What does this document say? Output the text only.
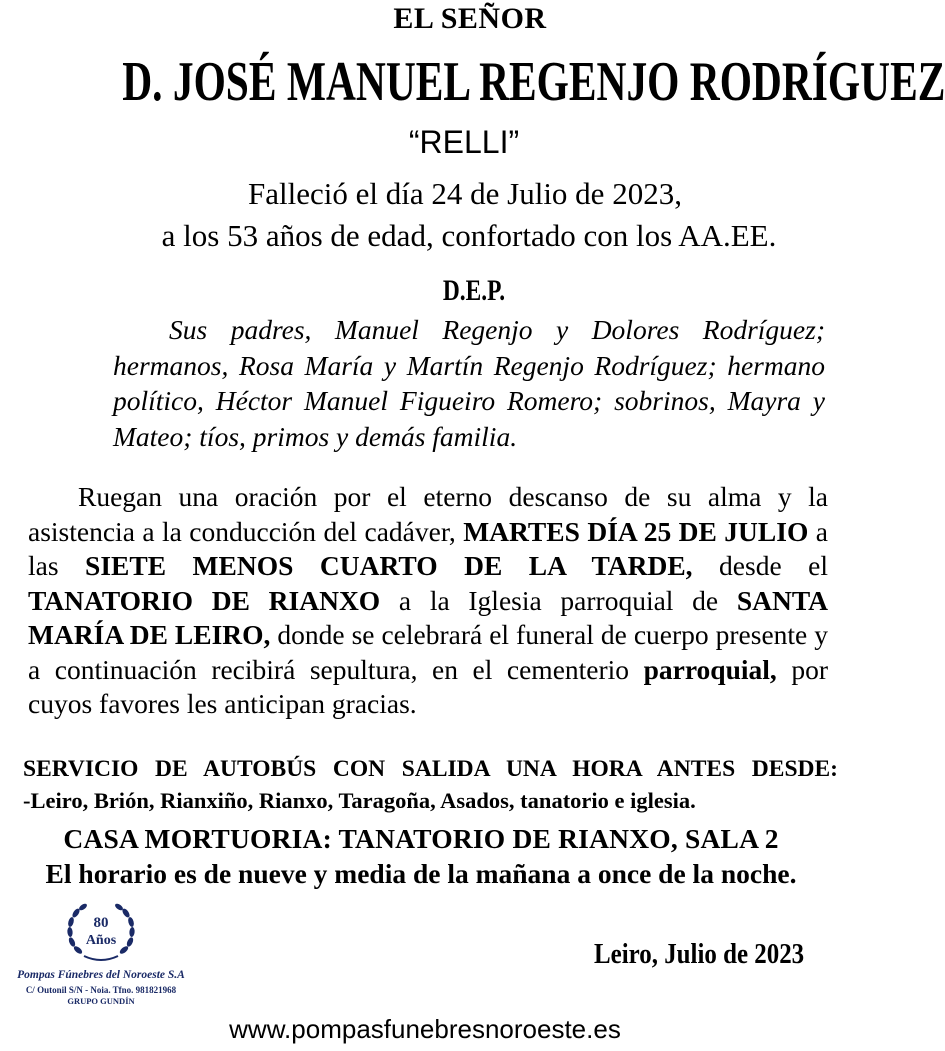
EL SEÑOR
D. JOSÉ MANUEL REGENJO RODRÍGUEZ
“RELLI”
Falleció el día 24 de Julio de 2023,
a los 53 años de edad, confortado con los AA.EE.
D.E.P.
Sus padres, Manuel Regenjo y Dolores Rodríguez; hermanos, Rosa María y Martín Regenjo Rodríguez; hermano político, Héctor Manuel Figueiro Romero; sobrinos, Mayra y Mateo; tíos, primos y demás familia.
Ruegan una oración por el eterno descanso de su alma y la asistencia a la conducción del cadáver, MARTES DÍA 25 DE JULIO a las SIETE MENOS CUARTO DE LA TARDE, desde el TANATORIO DE RIANXO a la Iglesia parroquial de SANTA MARÍA DE LEIRO, donde se celebrará el funeral de cuerpo presente y a continuación recibirá sepultura, en el cementerio parroquial, por cuyos favores les anticipan gracias.
SERVICIO DE AUTOBÚS CON SALIDA UNA HORA ANTES DESDE:
-Leiro, Brión, Rianxiño, Rianxo, Taragoña, Asados, tanatorio e iglesia.
CASA MORTUORIA: TANATORIO DE RIANXO, SALA 2
El horario es de nueve y media de la mañana a once de la noche.
80
Años
Pompas Fúnebres del Noroeste S.A
C/ Outonil S/N - Noia. Tfno. 981821968
GRUPO GUNDÍN
Leiro, Julio de 2023
www.pompasfunebresnoroeste.es
